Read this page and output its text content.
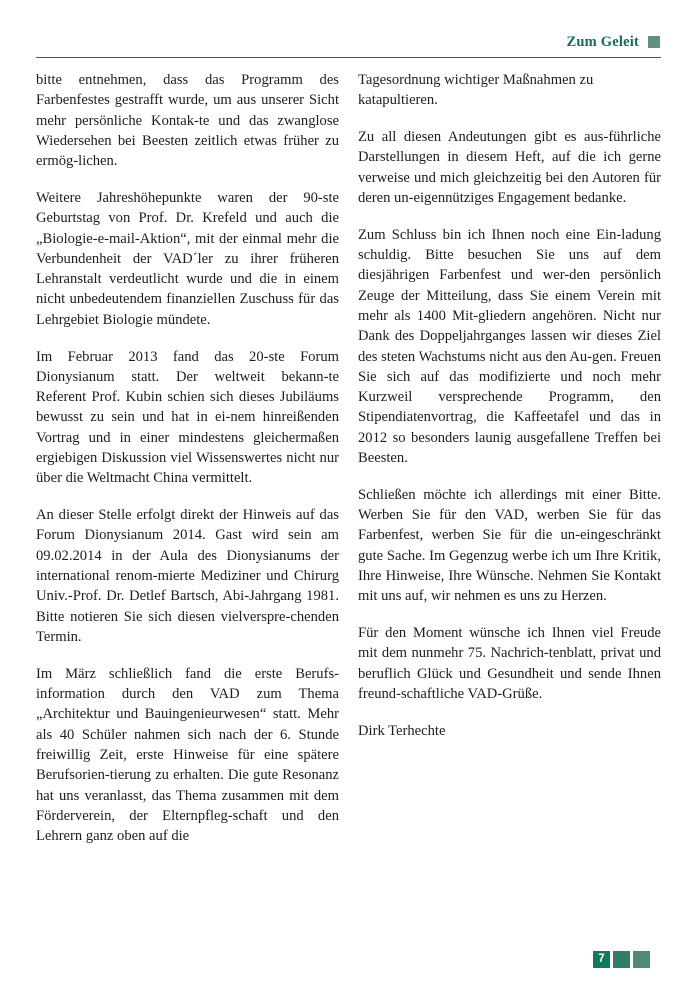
Zum Geleit

bitte entnehmen, dass das Programm des Farbenfestes gestrafft wurde, um aus unserer Sicht mehr persönliche Kontak-te und das zwanglose Wiedersehen bei Beesten zeitlich etwas früher zu ermög-lichen.

Weitere Jahreshöhepunkte waren der 90-ste Geburtstag von Prof. Dr. Krefeld und auch die „Biologie-e-mail-Aktion“, mit der einmal mehr die Verbundenheit der VAD´ler zu ihrer früheren Lehranstalt verdeutlicht wurde und die in einem nicht unbedeutendem finanziellen Zuschuss für das Lehrgebiet Biologie mündete.

Im Februar 2013 fand das 20-ste Forum Dionysianum statt. Der weltweit bekann-te Referent Prof. Kubin schien sich dieses Jubiläums bewusst zu sein und hat in ei-nem hinreißenden Vortrag und in einer mindestens gleichermaßen ergiebigen Diskussion viel Wissenswertes nicht nur über die Weltmacht China vermittelt.

An dieser Stelle erfolgt direkt der Hinweis auf das Forum Dionysianum 2014. Gast wird sein am 09.02.2014 in der Aula des Dionysianums der international renom-mierte Mediziner und Chirurg Univ.-Prof. Dr. Detlef Bartsch, Abi-Jahrgang 1981. Bitte notieren Sie sich diesen vielverspre-chenden Termin.

Im März schließlich fand die erste Berufs-information durch den VAD zum Thema „Architektur und Bauingenieurwesen“ statt. Mehr als 40 Schüler nahmen sich nach der 6. Stunde freiwillig Zeit, erste Hinweise für eine spätere Berufsorien-tierung zu erhalten. Die gute Resonanz hat uns veranlasst, das Thema zusammen mit dem Förderverein, der Elternpfleg-schaft und den Lehrern ganz oben auf die

Tagesordnung wichtiger Maßnahmen zu katapultieren.

Zu all diesen Andeutungen gibt es aus-führliche Darstellungen in diesem Heft, auf die ich gerne verweise und mich gleichzeitig bei den Autoren für deren un-eigennütziges Engagement bedanke.

Zum Schluss bin ich Ihnen noch eine Ein-ladung schuldig. Bitte besuchen Sie uns auf dem diesjährigen Farbenfest und wer-den persönlich Zeuge der Mitteilung, dass Sie einem Verein mit mehr als 1400 Mit-gliedern angehören. Nicht nur Dank des Doppeljahrganges lassen wir dieses Ziel des steten Wachstums nicht aus den Au-gen. Freuen Sie sich auf das modifizierte und noch mehr Kurzweil versprechende Programm, den Stipendiatenvortrag, die Kaffeetafel und das in 2012 so besonders launig ausgefallene Treffen bei Beesten.

Schließen möchte ich allerdings mit einer Bitte. Werben Sie für den VAD, werben Sie für das Farbenfest, werben Sie für die un-eingeschränkt gute Sache. Im Gegenzug werbe ich um Ihre Kritik, Ihre Hinweise, Ihre Wünsche. Nehmen Sie Kontakt mit uns auf, wir nehmen es uns zu Herzen.

Für den Moment wünsche ich Ihnen viel Freude mit dem nunmehr 75. Nachrich-tenblatt, privat und beruflich Glück und Gesundheit und sende Ihnen freund-schaftliche VAD-Grüße.

Dirk Terhechte

7
